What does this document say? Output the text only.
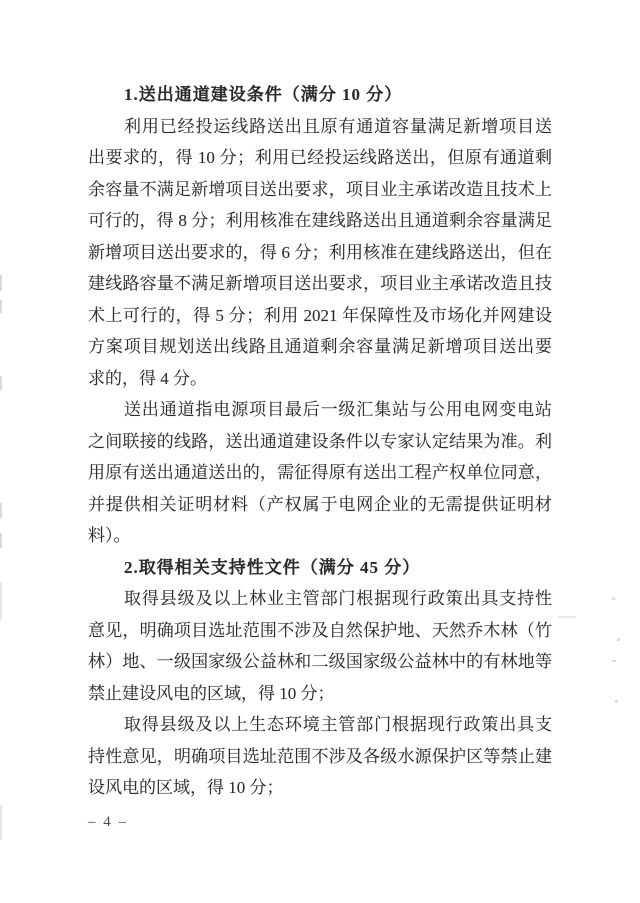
1.送出通道建设条件（满分 10 分）
利用已经投运线路送出且原有通道容量满足新增项目送
出要求的，得 10 分；利用已经投运线路送出，但原有通道剩
余容量不满足新增项目送出要求，项目业主承诺改造且技术上
可行的，得 8 分；利用核准在建线路送出且通道剩余容量满足
新增项目送出要求的，得 6 分；利用核准在建线路送出，但在
建线路容量不满足新增项目送出要求，项目业主承诺改造且技
术上可行的，得 5 分；利用 2021 年保障性及市场化并网建设
方案项目规划送出线路且通道剩余容量满足新增项目送出要
求的，得 4 分。
送出通道指电源项目最后一级汇集站与公用电网变电站
之间联接的线路，送出通道建设条件以专家认定结果为准。利
用原有送出通道送出的，需征得原有送出工程产权单位同意，
并提供相关证明材料（产权属于电网企业的无需提供证明材
料）。
2.取得相关支持性文件（满分 45 分）
取得县级及以上林业主管部门根据现行政策出具支持性
意见，明确项目选址范围不涉及自然保护地、天然乔木林（竹
林）地、一级国家级公益林和二级国家级公益林中的有林地等
禁止建设风电的区域，得 10 分；
取得县级及以上生态环境主管部门根据现行政策出具支
持性意见，明确项目选址范围不涉及各级水源保护区等禁止建
设风电的区域，得 10 分；
– 4 –
